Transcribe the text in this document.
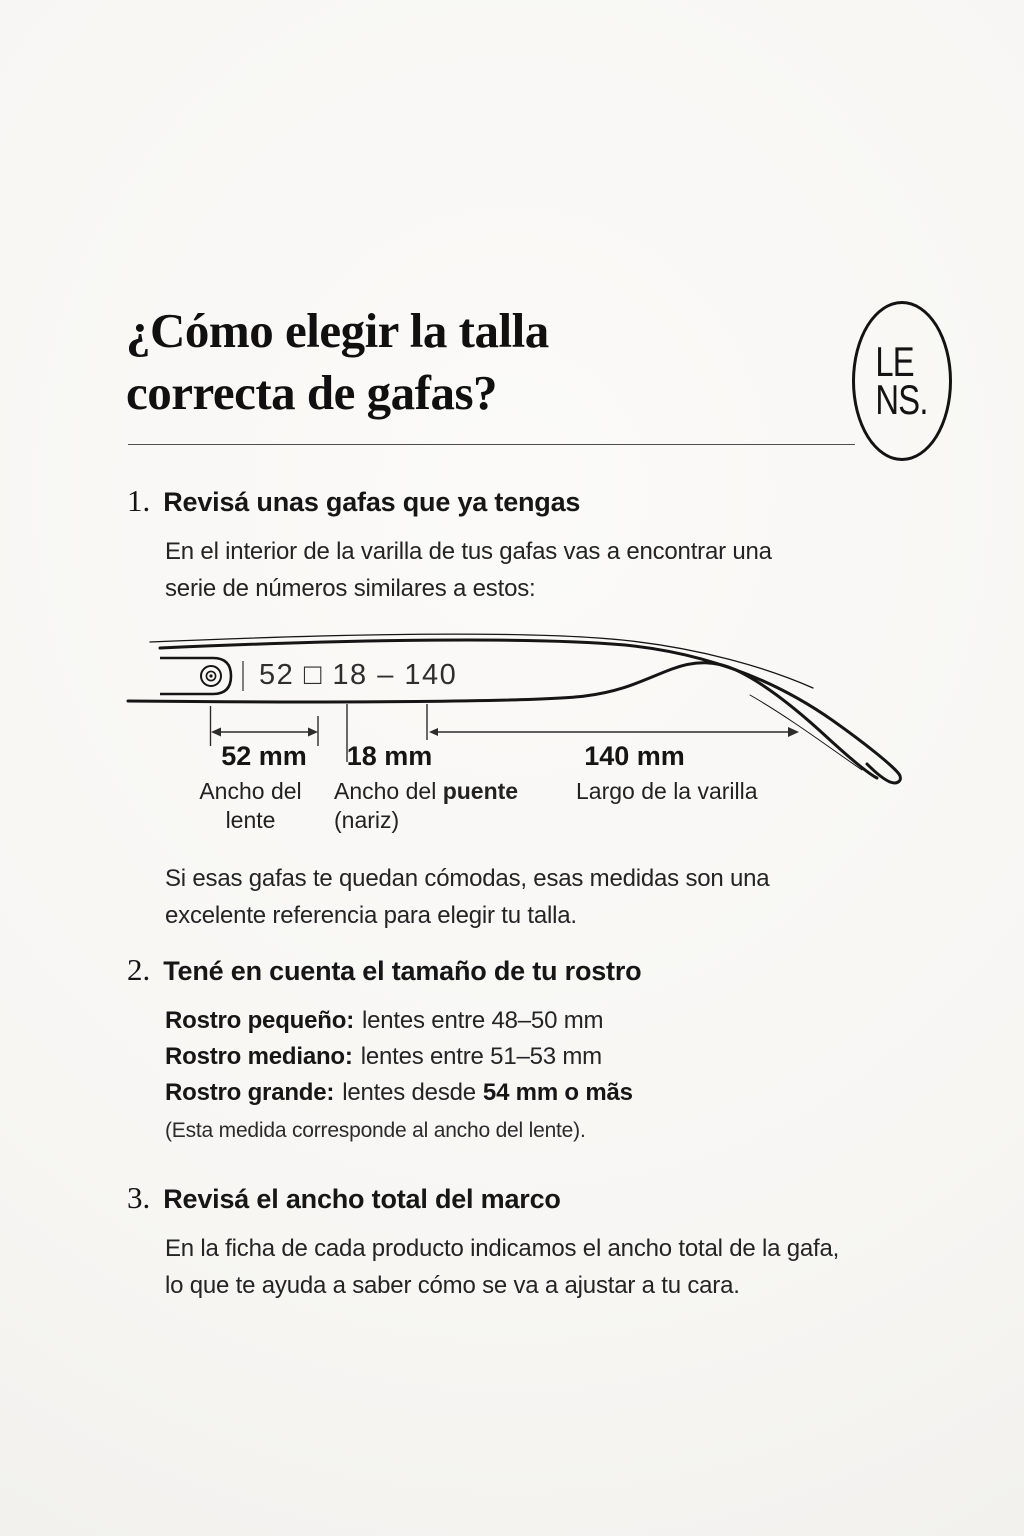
¿Cómo elegir la talla
correcta de gafas?
LE
NS.
1. Revisá unas gafas que ya tengas
En el interior de la varilla de tus gafas vas a encontrar una
serie de números similares a estos:
52 □ 18 – 140
52 mm	18 mm	140 mm
Ancho del
lente
Ancho del puente
(nariz)
Largo de la varilla
Si esas gafas te quedan cómodas, esas medidas son una
excelente referencia para elegir tu talla.
2. Tené en cuenta el tamaño de tu rostro
Rostro pequeño: lentes entre 48–50 mm
Rostro mediano: lentes entre 51–53 mm
Rostro grande: lentes desde 54 mm o mãs
(Esta medida corresponde al ancho del lente).
3. Revisá el ancho total del marco
En la ficha de cada producto indicamos el ancho total de la gafa,
lo que te ayuda a saber cómo se va a ajustar a tu cara.
